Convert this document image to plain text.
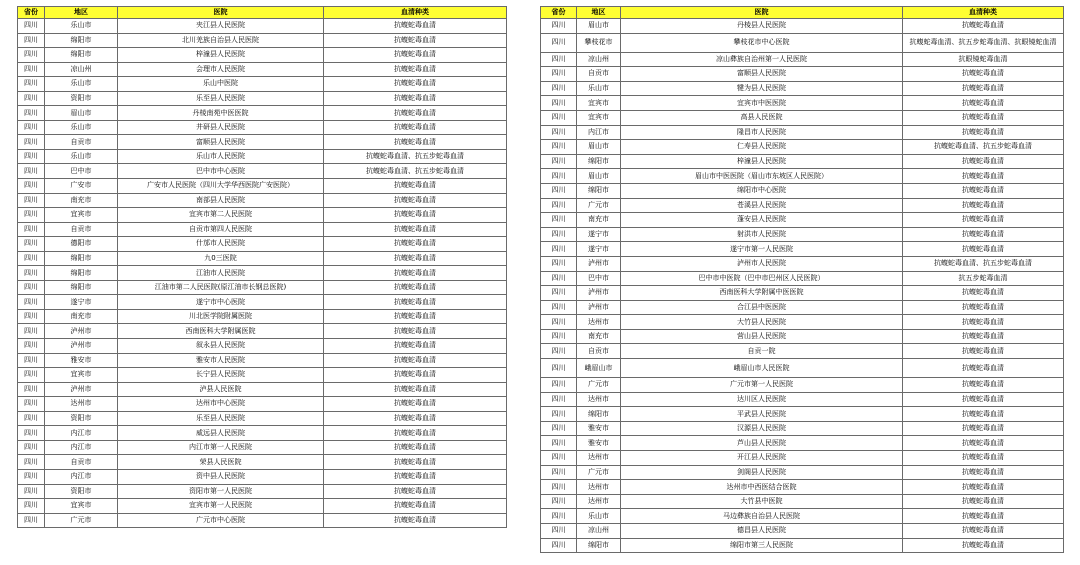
省份	地区	医院	血清种类
四川	乐山市	夹江县人民医院	抗蝮蛇毒血清
四川	绵阳市	北川羌族自治县人民医院	抗蝮蛇毒血清
四川	绵阳市	梓潼县人民医院	抗蝮蛇毒血清
四川	凉山州	会理市人民医院	抗蝮蛇毒血清
四川	乐山市	乐山中医院	抗蝮蛇毒血清
四川	资阳市	乐至县人民医院	抗蝮蛇毒血清
四川	眉山市	丹棱南苑中医医院	抗蝮蛇毒血清
四川	乐山市	井研县人民医院	抗蝮蛇毒血清
四川	自贡市	富顺县人民医院	抗蝮蛇毒血清
四川	乐山市	乐山市人民医院	抗蝮蛇毒血清、抗五步蛇毒血清
四川	巴中市	巴中市中心医院	抗蝮蛇毒血清、抗五步蛇毒血清
四川	广安市	广安市人民医院（四川大学华西医院广安医院）	抗蝮蛇毒血清
四川	南充市	南部县人民医院	抗蝮蛇毒血清
四川	宜宾市	宜宾市第二人民医院	抗蝮蛇毒血清
四川	自贡市	自贡市第四人民医院	抗蝮蛇毒血清
四川	德阳市	什邡市人民医院	抗蝮蛇毒血清
四川	绵阳市	九0三医院	抗蝮蛇毒血清
四川	绵阳市	江油市人民医院	抗蝮蛇毒血清
四川	绵阳市	江油市第二人民医院(原江油市长钢总医院)	抗蝮蛇毒血清
四川	遂宁市	遂宁市中心医院	抗蝮蛇毒血清
四川	南充市	川北医学院附属医院	抗蝮蛇毒血清
四川	泸州市	西南医科大学附属医院	抗蝮蛇毒血清
四川	泸州市	叙永县人民医院	抗蝮蛇毒血清
四川	雅安市	雅安市人民医院	抗蝮蛇毒血清
四川	宜宾市	长宁县人民医院	抗蝮蛇毒血清
四川	泸州市	泸县人民医院	抗蝮蛇毒血清
四川	达州市	达州市中心医院	抗蝮蛇毒血清
四川	资阳市	乐至县人民医院	抗蝮蛇毒血清
四川	内江市	威远县人民医院	抗蝮蛇毒血清
四川	内江市	内江市第一人民医院	抗蝮蛇毒血清
四川	自贡市	荣县人民医院	抗蝮蛇毒血清
四川	内江市	资中县人民医院	抗蝮蛇毒血清
四川	资阳市	资阳市第一人民医院	抗蝮蛇毒血清
四川	宜宾市	宜宾市第一人民医院	抗蝮蛇毒血清
四川	广元市	广元市中心医院	抗蝮蛇毒血清
省份	地区	医院	血清种类
四川	眉山市	丹棱县人民医院	抗蝮蛇毒血清
四川	攀枝花市	攀枝花市中心医院	抗蝮蛇毒血清、抗五步蛇毒血清、抗眼镜蛇血清
四川	凉山州	凉山彝族自治州第一人民医院	抗眼镜蛇毒血清
四川	自贡市	富顺县人民医院	抗蝮蛇毒血清
四川	乐山市	犍为县人民医院	抗蝮蛇毒血清
四川	宜宾市	宜宾市中医医院	抗蝮蛇毒血清
四川	宜宾市	高县人民医院	抗蝮蛇毒血清
四川	内江市	隆昌市人民医院	抗蝮蛇毒血清
四川	眉山市	仁寿县人民医院	抗蝮蛇毒血清、抗五步蛇毒血清
四川	绵阳市	梓潼县人民医院	抗蝮蛇毒血清
四川	眉山市	眉山市中医医院（眉山市东坡区人民医院）	抗蝮蛇毒血清
四川	绵阳市	绵阳市中心医院	抗蝮蛇毒血清
四川	广元市	苍溪县人民医院	抗蝮蛇毒血清
四川	南充市	蓬安县人民医院	抗蝮蛇毒血清
四川	遂宁市	射洪市人民医院	抗蝮蛇毒血清
四川	遂宁市	遂宁市第一人民医院	抗蝮蛇毒血清
四川	泸州市	泸州市人民医院	抗蝮蛇毒血清、抗五步蛇毒血清
四川	巴中市	巴中市中医院（巴中市巴州区人民医院）	抗五步蛇毒血清
四川	泸州市	西南医科大学附属中医医院	抗蝮蛇毒血清
四川	泸州市	合江县中医医院	抗蝮蛇毒血清
四川	达州市	大竹县人民医院	抗蝮蛇毒血清
四川	南充市	营山县人民医院	抗蝮蛇毒血清
四川	自贡市	自贡一院	抗蝮蛇毒血清
四川	峨眉山市	峨眉山市人民医院	抗蝮蛇毒血清
四川	广元市	广元市第一人民医院	抗蝮蛇毒血清
四川	达州市	达川区人民医院	抗蝮蛇毒血清
四川	绵阳市	平武县人民医院	抗蝮蛇毒血清
四川	雅安市	汉源县人民医院	抗蝮蛇毒血清
四川	雅安市	芦山县人民医院	抗蝮蛇毒血清
四川	达州市	开江县人民医院	抗蝮蛇毒血清
四川	广元市	剑阁县人民医院	抗蝮蛇毒血清
四川	达州市	达州市中西医结合医院	抗蝮蛇毒血清
四川	达州市	大竹县中医院	抗蝮蛇毒血清
四川	乐山市	马边彝族自治县人民医院	抗蝮蛇毒血清
四川	凉山州	德昌县人民医院	抗蝮蛇毒血清
四川	绵阳市	绵阳市第三人民医院	抗蝮蛇毒血清
